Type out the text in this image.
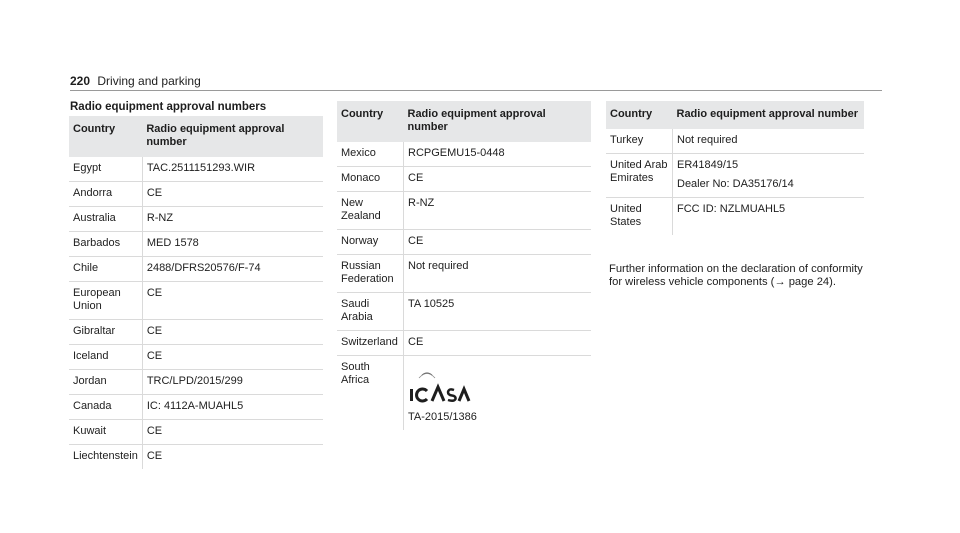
220 Driving and parking
Radio equipment approval numbers
Country	Radio equipment approval number
Egypt	TAC.2511151293.WIR
Andorra	CE
Australia	R-NZ
Barbados	MED 1578
Chile	2488/DFRS20576/F-74
European Union	CE
Gibraltar	CE
Iceland	CE
Jordan	TRC/LPD/2015/299
Canada	IC: 4112A-MUAHL5
Kuwait	CE
Liechtenstein	CE
Country	Radio equipment approval number
Mexico	RCPGEMU15-0448
Monaco	CE
New Zealand	R-NZ
Norway	CE
Russian Federation	Not required
Saudi Arabia	TA 10525
Switzerland	CE
South Africa	TA-2015/1386
Country	Radio equipment approval number
Turkey	Not required
United Arab Emirates	ER41849/15

Dealer No: DA35176/14

United States	FCC ID: NZLMUAHL5
Further information on the declaration of conformity for wireless vehicle components (→ page 24).
